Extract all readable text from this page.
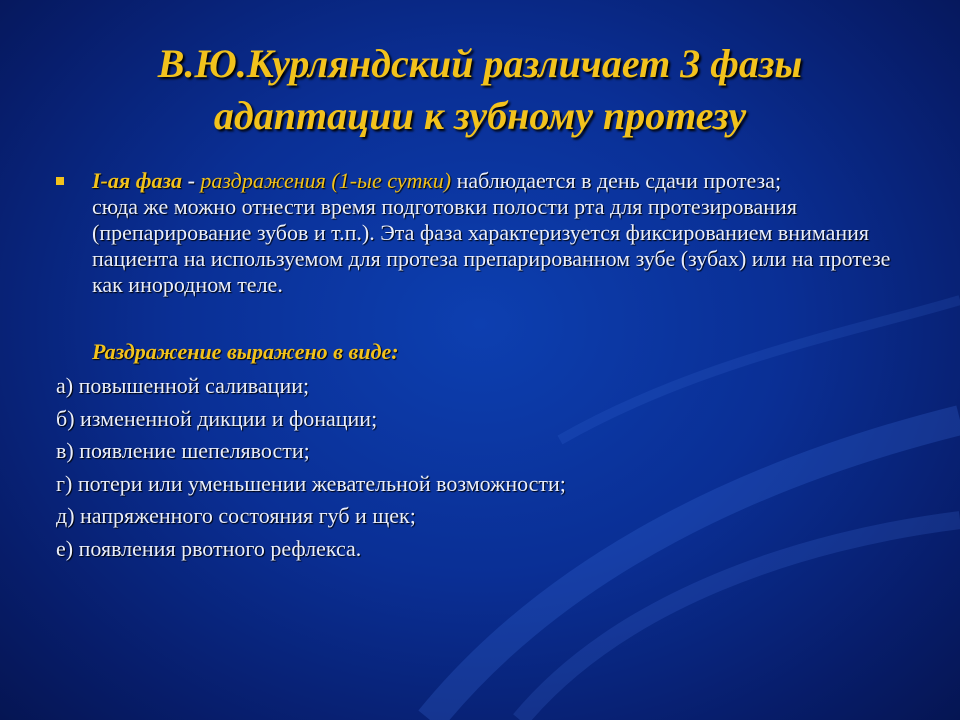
В.Ю.Курляндский различает 3 фазы
адаптации к зубному протезу
I-ая фаза - раздражения (1-ые сутки) наблюдается в день сдачи протеза;
сюда же можно отнести время подготовки полости рта для протезирования (препарирование зубов и т.п.). Эта фаза характеризуется фиксированием внимания пациента на используемом для протеза препарированном зубе (зубах) или на протезе как инородном теле.
Раздражение выражено в виде:
а) повышенной саливации;
б) измененной дикции и фонации;
в) появление шепелявости;
г) потери или уменьшении жевательной возможности;
д) напряженного состояния губ и щек;
е) появления рвотного рефлекса.
